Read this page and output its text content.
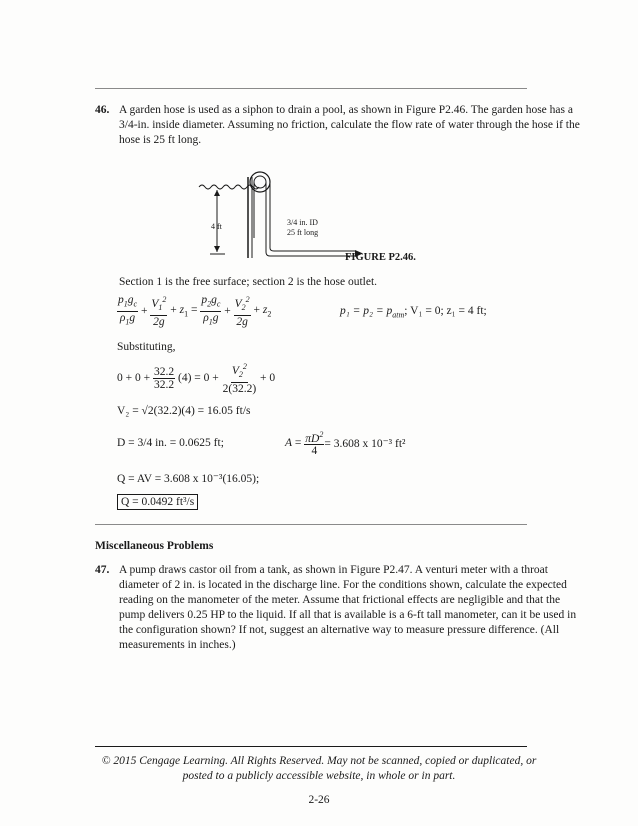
46. A garden hose is used as a siphon to drain a pool, as shown in Figure P2.46. The garden hose has a 3/4-in. inside diameter. Assuming no friction, calculate the flow rate of water through the hose if the hose is 25 ft long.
4 ft	3/4 in. ID
25 ft long
FIGURE P2.46.
Section 1 is the free surface; section 2 is the hose outlet.
$\frac{p_1g_c}{\rho_1g} + \frac{V_1^2}{2g} + z_1 = \frac{p_2g_c}{\rho_1g} + \frac{V_2^2}{2g} + z_2$	$p_1 = p_2 = p_{atm}$; V₁ = 0; z₁ = 4 ft;
Substituting,
$0 + 0 + \frac{32.2}{32.2} (4) = 0 + \frac{V_2^2}{2(32.2)} + 0$
V₂ = √2(32.2)(4) = 16.05 ft/s
D = 3/4 in. = 0.0625 ft;	$A = \frac{\pi D^2}{4} = 3.608$ x 10⁻³ ft²
Q = AV = 3.608 x 10⁻³(16.05);
Q = 0.0492 ft³/s
Miscellaneous Problems
47. A pump draws castor oil from a tank, as shown in Figure P2.47. A venturi meter with a throat diameter of 2 in. is located in the discharge line. For the conditions shown, calculate the expected reading on the manometer of the meter. Assume that frictional effects are negligible and that the pump delivers 0.25 HP to the liquid. If all that is available is a 6-ft tall manometer, can it be used in the configuration shown? If not, suggest an alternative way to measure pressure difference. (All measurements in inches.)
© 2015 Cengage Learning. All Rights Reserved. May not be scanned, copied or duplicated, or
posted to a publicly accessible website, in whole or in part.
2-26
